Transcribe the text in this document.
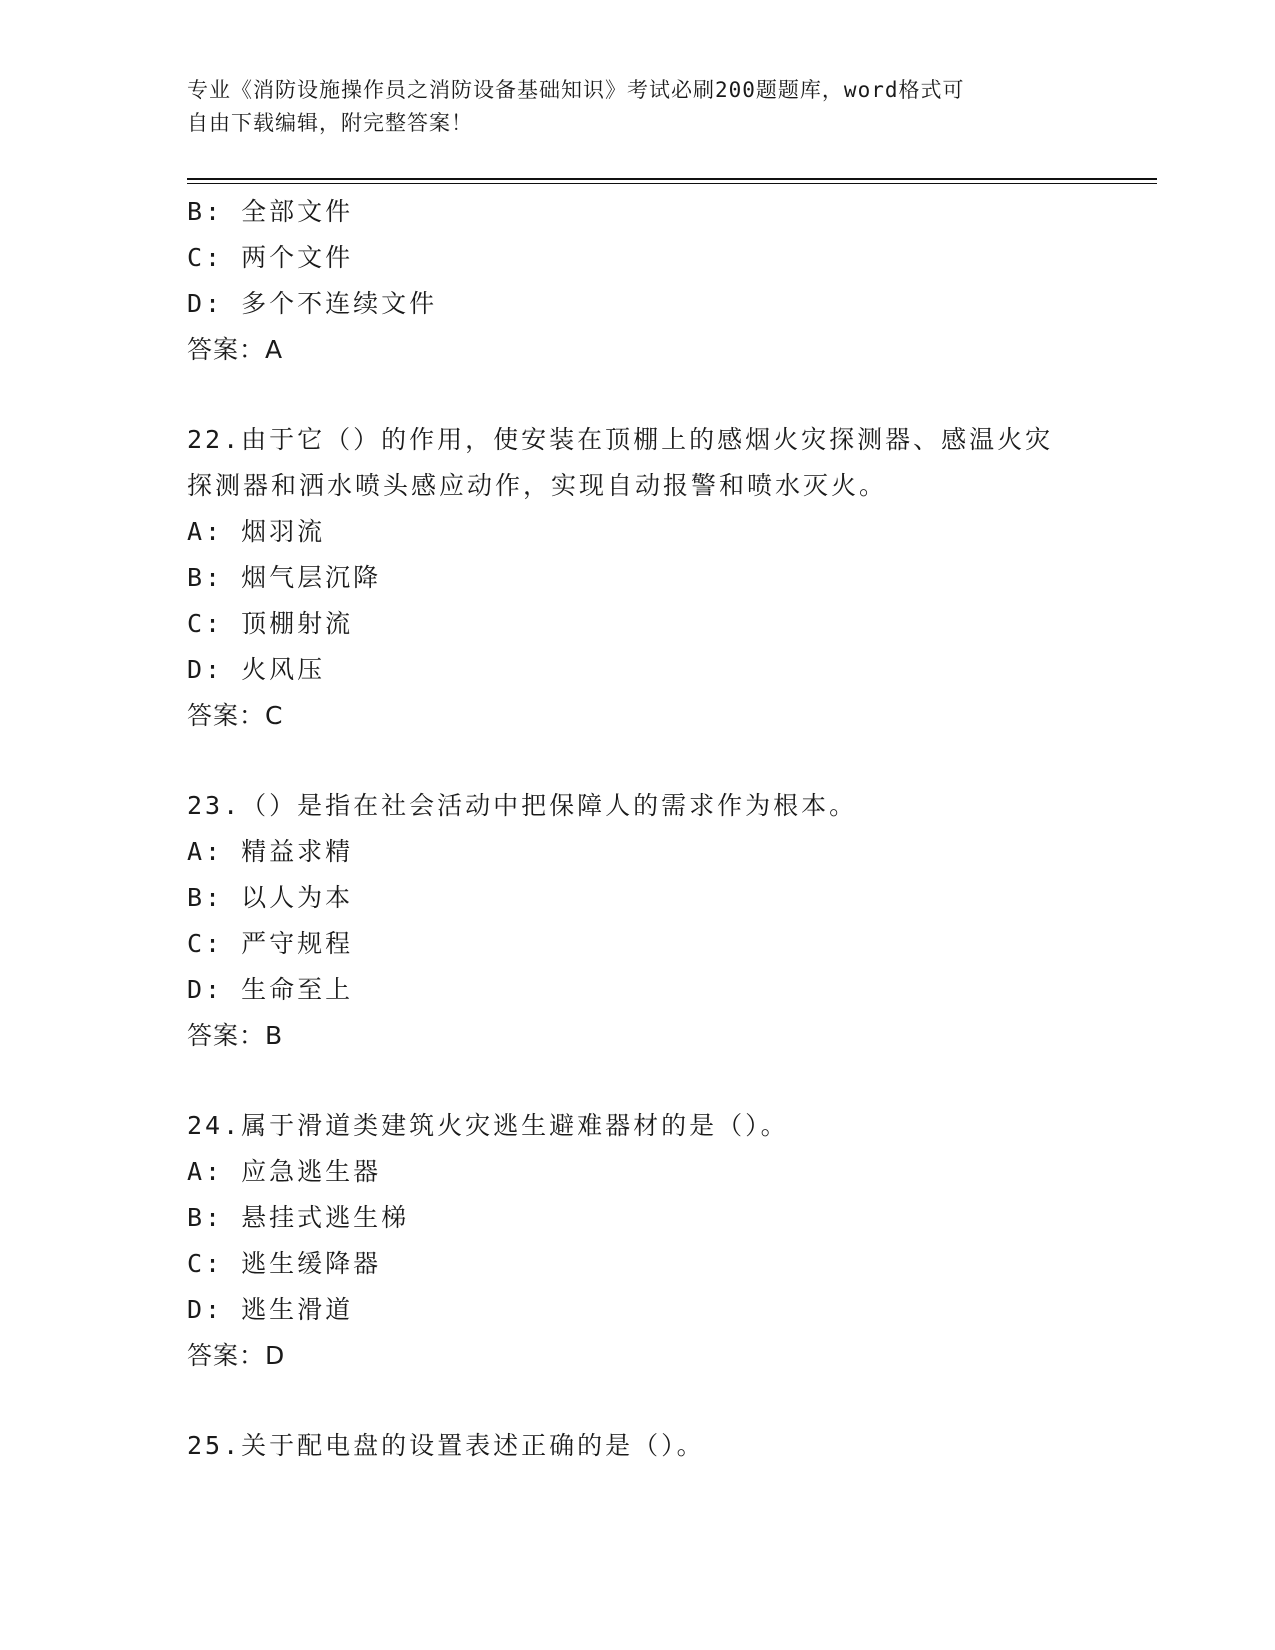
专业《消防设施操作员之消防设备基础知识》考试必刷200题题库，word格式可
自由下载编辑，附完整答案！
B: 全部文件
C: 两个文件
D: 多个不连续文件
答案：A
22.由于它（）的作用，使安装在顶棚上的感烟火灾探测器、感温火灾
探测器和洒水喷头感应动作，实现自动报警和喷水灭火。
A: 烟羽流
B: 烟气层沉降
C: 顶棚射流
D: 火风压
答案：C
23.（）是指在社会活动中把保障人的需求作为根本。
A: 精益求精
B: 以人为本
C: 严守规程
D: 生命至上
答案：B
24.属于滑道类建筑火灾逃生避难器材的是（）。
A: 应急逃生器
B: 悬挂式逃生梯
C: 逃生缓降器
D: 逃生滑道
答案：D
25.关于配电盘的设置表述正确的是（）。
